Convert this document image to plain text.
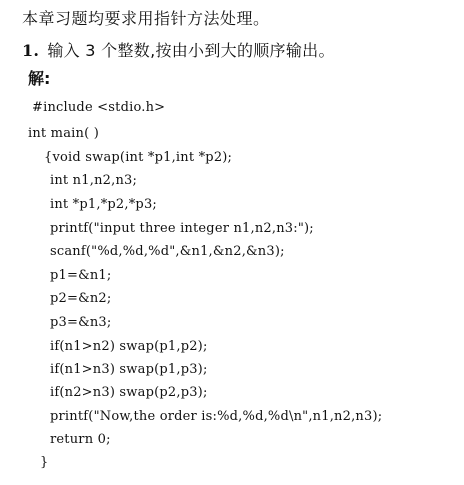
本章习题均要求用指针方法处理。
1. 输入 3 个整数,按由小到大的顺序输出。
解:
#include <stdio.h>
int main( )
{void swap(int *p1,int *p2);
int n1,n2,n3;
int *p1,*p2,*p3;
printf("input three integer n1,n2,n3:");
scanf("%d,%d,%d",&n1,&n2,&n3);
p1=&n1;
p2=&n2;
p3=&n3;
if(n1>n2) swap(p1,p2);
if(n1>n3) swap(p1,p3);
if(n2>n3) swap(p2,p3);
printf("Now,the order is:%d,%d,%d\n",n1,n2,n3);
return 0;
}
